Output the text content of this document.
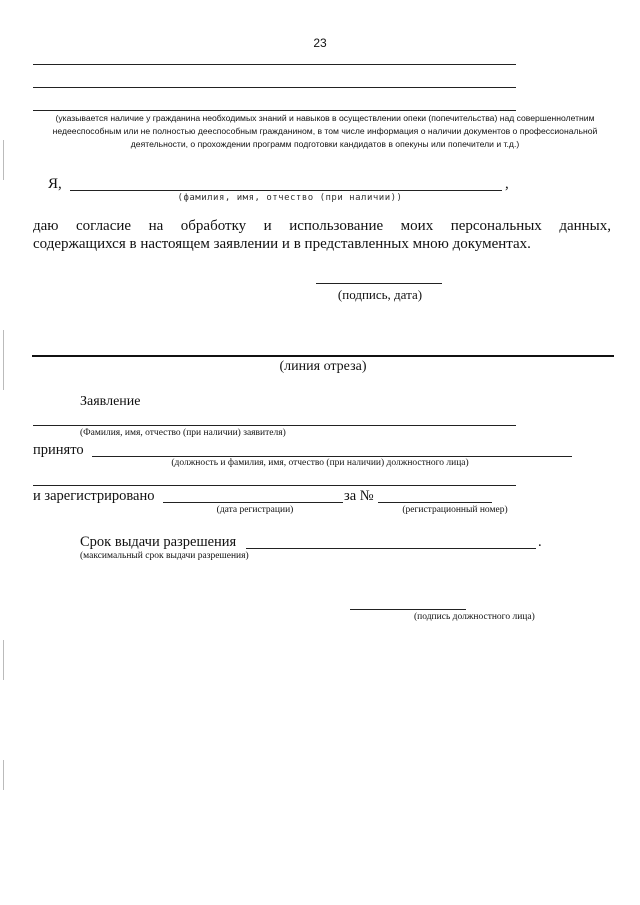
23
(указывается наличие у гражданина необходимых знаний и навыков в осуществлении опеки (попечительства) над совершеннолетним недееспособным или не полностью дееспособным гражданином, в том числе информация о наличии документов о профессиональной деятельности, о прохождении программ подготовки кандидатов в опекуны или попечители и т.д.)
Я,	,
(фамилия, имя, отчество (при наличии))
даю согласие на обработку и использование моих персональных данных,
содержащихся в настоящем заявлении и в представленных мною документах.
(подпись, дата)
(линия отреза)
Заявление
(Фамилия, имя, отчество (при наличии) заявителя)
принято
(должность и фамилия, имя, отчество (при наличии) должностного лица)
и зарегистрировано	за №
(дата регистрации)	(регистрационный номер)
Срок выдачи разрешения	.
(максимальный срок выдачи разрешения)
(подпись должностного лица)
